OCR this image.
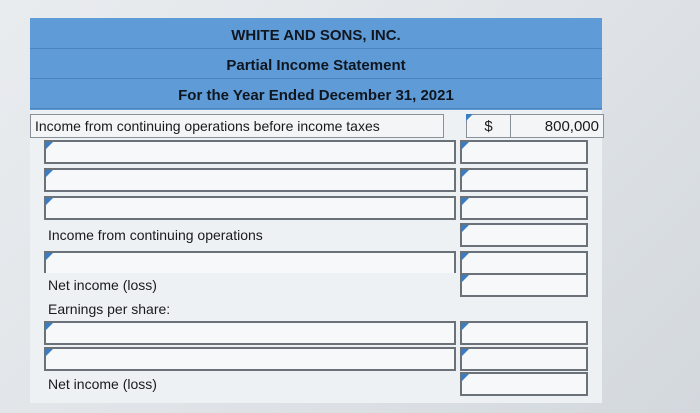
WHITE AND SONS, INC.
Partial Income Statement
For the Year Ended December 31, 2021
Income from continuing operations before income taxes	$	800,000
Income from continuing operations
Net income (loss)
Earnings per share:
Net income (loss)
